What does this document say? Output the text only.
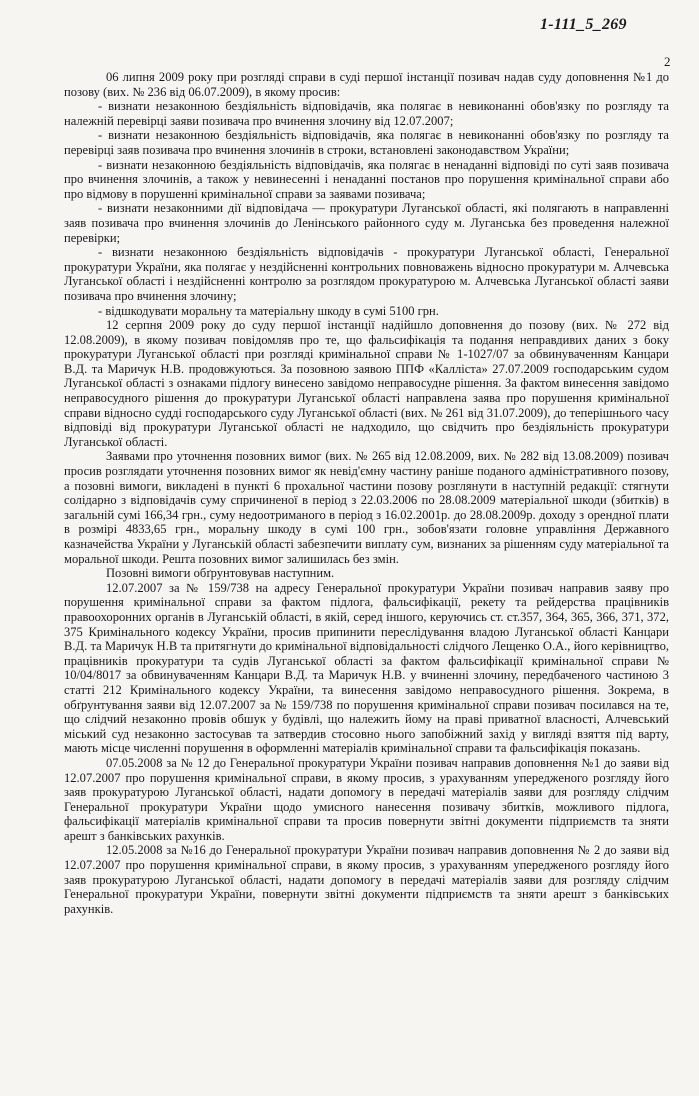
1-111_5_269
2

06 липня 2009 року при розгляді справи в суді першої інстанції позивач надав суду доповнення №1 до позову (вих. № 236 від 06.07.2009), в якому просив:

- визнати незаконною бездіяльність відповідачів, яка полягає в невиконанні обов'язку по розгляду та належній перевірці заяви позивача про вчинення злочину від 12.07.2007;

- визнати незаконною бездіяльність відповідачів, яка полягає в невиконанні обов'язку по розгляду та перевірці заяв позивача про вчинення злочинів в строки, встановлені законодавством України;

- визнати незаконною бездіяльність відповідачів, яка полягає в ненаданні відповіді по суті заяв позивача про вчинення злочинів, а також у невинесенні і ненаданні постанов про порушення кримінальної справи або про відмову в порушенні кримінальної справи за заявами позивача;

- визнати незаконними дії відповідача — прокуратури Луганської області, які полягають в направленні заяв позивача про вчинення злочинів до Ленінського районного суду м. Луганська без проведення належної перевірки;

- визнати незаконною бездіяльність відповідачів - прокуратури Луганської області, Генеральної прокуратури України, яка полягає у нездійсненні контрольних повноважень відносно прокуратури м. Алчевська Луганської області і нездійсненні контролю за розглядом прокуратурою м. Алчевська Луганської області заяви позивача про вчинення злочину;

- відшкодувати моральну та матеріальну шкоду в сумі 5100 грн.

12 серпня 2009 року до суду першої інстанції надійшло доповнення до позову (вих. № 272 від 12.08.2009), в якому позивач повідомляв про те, що фальсифікація та подання неправдивих даних з боку прокуратури Луганської області при розгляді кримінальної справи № 1-1027/07 за обвинуваченням Канцари В.Д. та Маричук Н.В. продовжуються. За позовною заявою ППФ «Калліста» 27.07.2009 господарським судом Луганської області з ознаками підлогу винесено завідомо неправосудне рішення. За фактом винесення завідомо неправосудного рішення до прокуратури Луганської області направлена заява про порушення кримінальної справи відносно судді господарського суду Луганської області (вих. № 261 від 31.07.2009), до теперішнього часу відповіді від прокуратури Луганської області не надходило, що свідчить про бездіяльність прокуратури Луганської області.

Заявами про уточнення позовних вимог (вих. № 265 від 12.08.2009, вих. № 282 від 13.08.2009) позивач просив розглядати уточнення позовних вимог як невід'ємну частину раніше поданого адміністративного позову, а позовні вимоги, викладені в пункті 6 прохальної частини позову розглянути в наступній редакції: стягнути солідарно з відповідачів суму спричиненої в період з 22.03.2006 по 28.08.2009 матеріальної шкоди (збитків) в загальній сумі 166,34 грн., суму недоотриманого в період з 16.02.2001р. до 28.08.2009р. доходу з орендної плати в розмірі 4833,65 грн., моральну шкоду в сумі 100 грн., зобов'язати головне управління Державного казначейства України у Луганській області забезпечити виплату сум, визнаних за рішенням суду матеріальної та моральної шкоди. Решта позовних вимог залишилась без змін.

Позовні вимоги обґрунтовував наступним.

12.07.2007 за № 159/738 на адресу Генеральної прокуратури України позивач направив заяву про порушення кримінальної справи за фактом підлога, фальсифікації, рекету та рейдерства працівників правоохоронних органів в Луганській області, в якій, серед іншого, керуючись ст. ст.357, 364, 365, 366, 371, 372, 375 Кримінального кодексу України, просив припинити переслідування владою Луганської області Канцари В.Д. та Маричук Н.В та притягнути до кримінальної відповідальності слідчого Лещенко О.А., його керівництво, працівників прокуратури та судів Луганської області за фактом фальсифікації кримінальної справи № 10/04/8017 за обвинуваченням Канцари В.Д. та Маричук Н.В. у вчиненні злочину, передбаченого частиною 3 статті 212 Кримінального кодексу України, та винесення завідомо неправосудного рішення. Зокрема, в обґрунтування заяви від 12.07.2007 за № 159/738 по порушення кримінальної справи позивач посилався на те, що слідчий незаконно провів обшук у будівлі, що належить йому на праві приватної власності, Алчевський міський суд незаконно застосував та затвердив стосовно нього запобіжний захід у вигляді взяття під варту, мають місце численні порушення в оформленні матеріалів кримінальної справи та фальсифікація показань.

07.05.2008 за № 12 до Генеральної прокуратури України позивач направив доповнення №1 до заяви від 12.07.2007 про порушення кримінальної справи, в якому просив, з урахуванням упередженого розгляду його заяв прокуратурою Луганської області, надати допомогу в передачі матеріалів заяви для розгляду слідчим Генеральної прокуратури України щодо умисного нанесення позивачу збитків, можливого підлога, фальсифікації матеріалів кримінальної справи та просив повернути звітні документи підприємств та зняти арешт з банківських рахунків.

12.05.2008 за №16 до Генеральної прокуратури України позивач направив доповнення № 2 до заяви від 12.07.2007 про порушення кримінальної справи, в якому просив, з урахуванням упередженого розгляду його заяв прокуратурою Луганської області, надати допомогу в передачі матеріалів заяви для розгляду слідчим Генеральної прокуратури України, повернути звітні документи підприємств та зняти арешт з банківських рахунків.
